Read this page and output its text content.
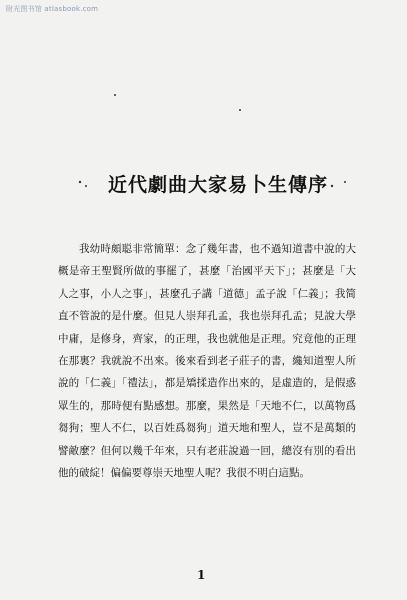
附光图书馆 atlasbook.com
近代劇曲大家易卜生傳序
我幼時頗聪非常簡單：念了幾年書，也不過知道書中說的大概是帝王聖賢所做的事罷了，甚麼「治國平天下」；甚麼是「大人之事，小人之事」，甚麼孔子講「道德」孟子說「仁義」；我简直不管說的是什麼。但見人崇拜孔孟，我也崇拜孔孟；見說大學中庸，是修身，齊家，的正理，我也就他是正理。究竟他的正理在那裏？我就說不出來。後來看到老子莊子的書，纔知道聖人所說的「仁義」「禮法」，都是矯揉造作出來的，是虛造的，是假惑眾生的，那時便有點感想。那麼，果然是「天地不仁，以萬物爲芻狗；聖人不仁，以百姓爲芻狗」道天地和聖人，豈不是萬類的譬敵麼？但何以幾千年來，只有老莊說過一回，總沒有別的看出他的破綻！偏偏要尊崇天地聖人呢？我很不明白這點。
1
